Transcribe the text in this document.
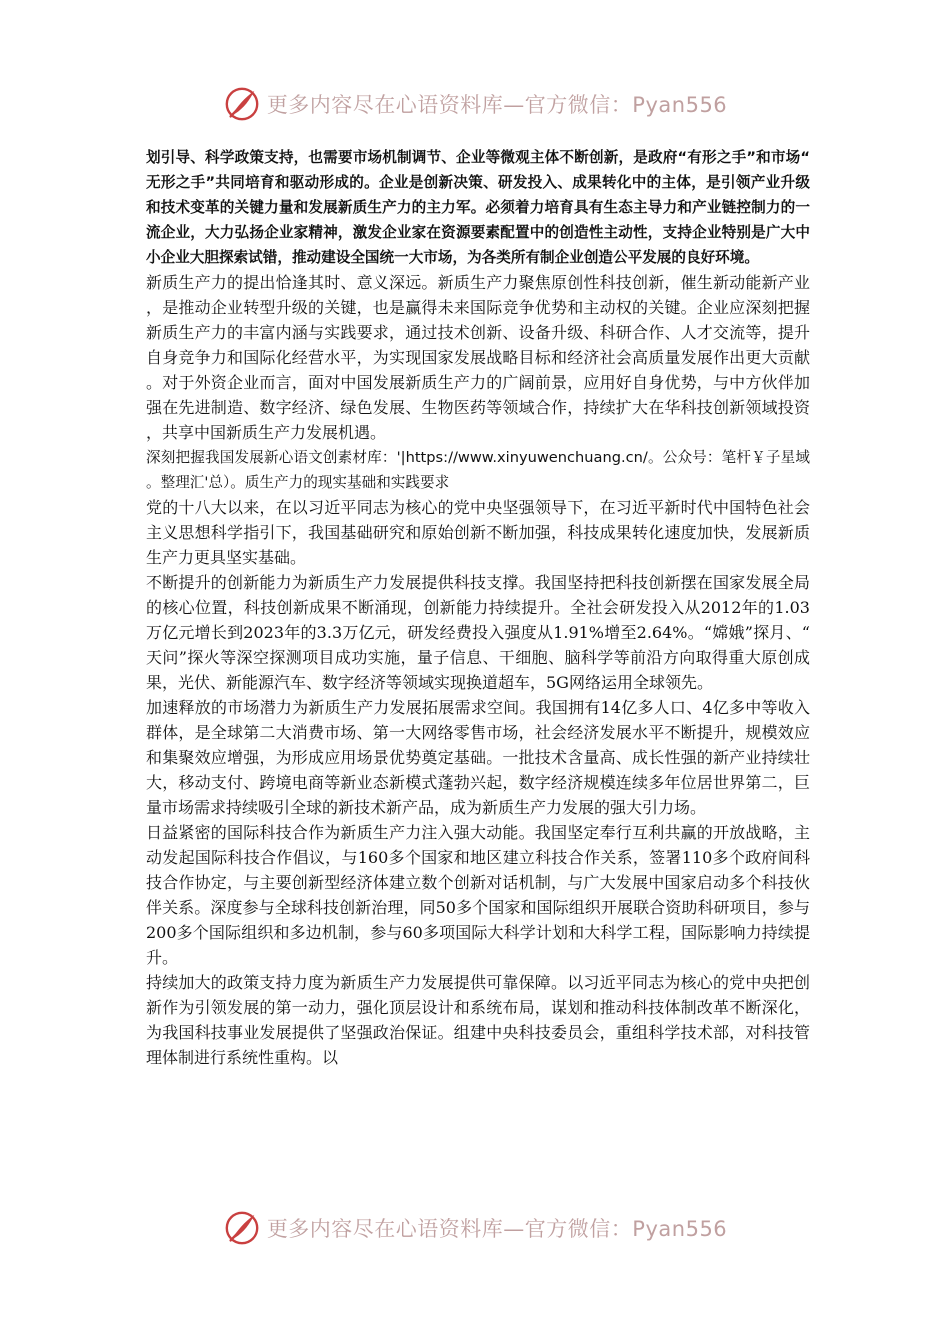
更多内容尽在心语资料库—官方微信：Pyan556

划引导、科学政策支持，也需要市场机制调节、企业等微观主体不断创新，是政府“有形之手”和市场“无形之手”共同培育和驱动形成的。企业是创新决策、研发投入、成果转化中的主体，是引领产业升级和技术变革的关键力量和发展新质生产力的主力军。必须着力培育具有生态主导力和产业链控制力的一流企业，大力弘扬企业家精神，激发企业家在资源要素配置中的创造性主动性，支持企业特别是广大中小企业大胆探索试错，推动建设全国统一大市场，为各类所有制企业创造公平发展的良好环境。

新质生产力的提出恰逢其时、意义深远。新质生产力聚焦原创性科技创新，催生新动能新产业，是推动企业转型升级的关键，也是赢得未来国际竞争优势和主动权的关键。企业应深刻把握新质生产力的丰富内涵与实践要求，通过技术创新、设备升级、科研合作、人才交流等，提升自身竞争力和国际化经营水平，为实现国家发展战略目标和经济社会高质量发展作出更大贡献。对于外资企业而言，面对中国发展新质生产力的广阔前景，应用好自身优势，与中方伙伴加强在先进制造、数字经济、绿色发展、生物医药等领域合作，持续扩大在华科技创新领域投资，共享中国新质生产力发展机遇。

深刻把握我国发展新心语文创素材库：'|https://www.xinyuwenchuang.cn/。公众号：笔杆￥子星域。整理汇'总）。质生产力的现实基础和实践要求

党的十八大以来，在以习近平同志为核心的党中央坚强领导下，在习近平新时代中国特色社会主义思想科学指引下，我国基础研究和原始创新不断加强，科技成果转化速度加快，发展新质生产力更具坚实基础。

不断提升的创新能力为新质生产力发展提供科技支撑。我国坚持把科技创新摆在国家发展全局的核心位置，科技创新成果不断涌现，创新能力持续提升。全社会研发投入从2012年的1.03万亿元增长到2023年的3.3万亿元，研发经费投入强度从1.91%增至2.64%。“嫦娥”探月、“天问”探火等深空探测项目成功实施，量子信息、干细胞、脑科学等前沿方向取得重大原创成果，光伏、新能源汽车、数字经济等领域实现换道超车，5G网络运用全球领先。

加速释放的市场潜力为新质生产力发展拓展需求空间。我国拥有14亿多人口、4亿多中等收入群体，是全球第二大消费市场、第一大网络零售市场，社会经济发展水平不断提升，规模效应和集聚效应增强，为形成应用场景优势奠定基础。一批技术含量高、成长性强的新产业持续壮大，移动支付、跨境电商等新业态新模式蓬勃兴起，数字经济规模连续多年位居世界第二，巨量市场需求持续吸引全球的新技术新产品，成为新质生产力发展的强大引力场。

日益紧密的国际科技合作为新质生产力注入强大动能。我国坚定奉行互利共赢的开放战略，主动发起国际科技合作倡议，与160多个国家和地区建立科技合作关系，签署110多个政府间科技合作协定，与主要创新型经济体建立数个创新对话机制，与广大发展中国家启动多个科技伙伴关系。深度参与全球科技创新治理，同50多个国家和国际组织开展联合资助科研项目，参与200多个国际组织和多边机制，参与60多项国际大科学计划和大科学工程，国际影响力持续提升。

持续加大的政策支持力度为新质生产力发展提供可靠保障。以习近平同志为核心的党中央把创新作为引领发展的第一动力，强化顶层设计和系统布局，谋划和推动科技体制改革不断深化，为我国科技事业发展提供了坚强政治保证。组建中央科技委员会，重组科学技术部，对科技管理体制进行系统性重构。以

更多内容尽在心语资料库—官方微信：Pyan556
